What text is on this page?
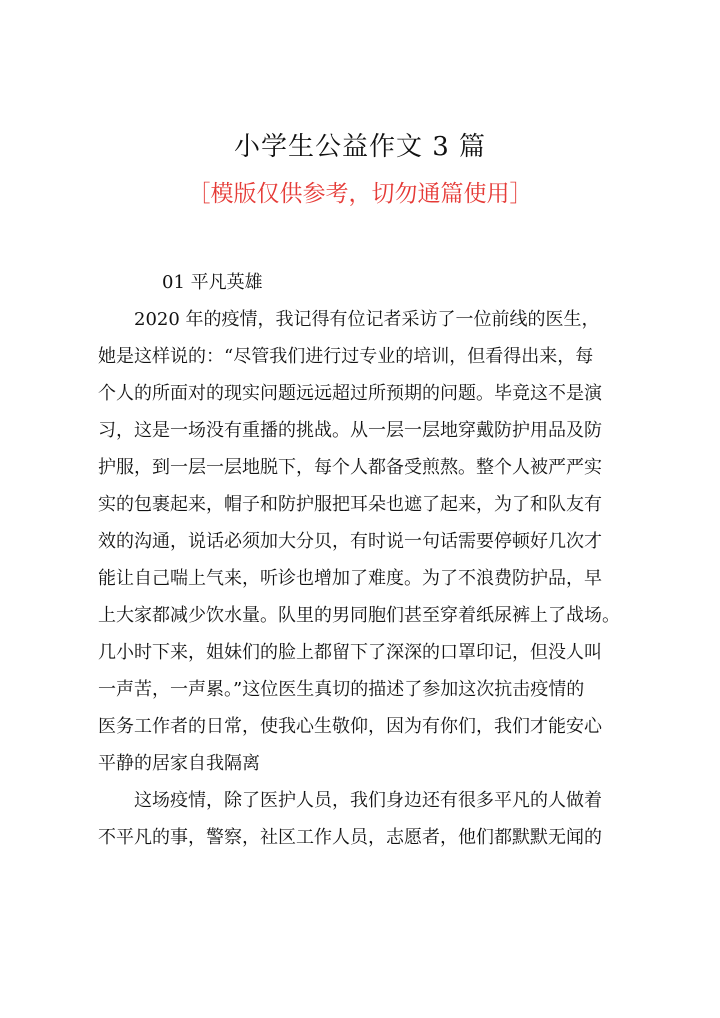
小学生公益作文 3 篇
［模版仅供参考，切勿通篇使用］

01 平凡英雄

2020 年的疫情，我记得有位记者采访了一位前线的医生，
她是这样说的：“尽管我们进行过专业的培训，但看得出来，每
个人的所面对的现实问题远远超过所预期的问题。毕竟这不是演
习，这是一场没有重播的挑战。从一层一层地穿戴防护用品及防
护服，到一层一层地脱下，每个人都备受煎熬。整个人被严严实
实的包裹起来，帽子和防护服把耳朵也遮了起来，为了和队友有
效的沟通，说话必须加大分贝，有时说一句话需要停顿好几次才
能让自己喘上气来，听诊也增加了难度。为了不浪费防护品，早
上大家都减少饮水量。队里的男同胞们甚至穿着纸尿裤上了战场。
几小时下来，姐妹们的脸上都留下了深深的口罩印记，但没人叫
一声苦，一声累。”这位医生真切的描述了参加这次抗击疫情的
医务工作者的日常，使我心生敬仰，因为有你们，我们才能安心
平静的居家自我隔离
这场疫情，除了医护人员，我们身边还有很多平凡的人做着
不平凡的事，警察，社区工作人员，志愿者，他们都默默无闻的
